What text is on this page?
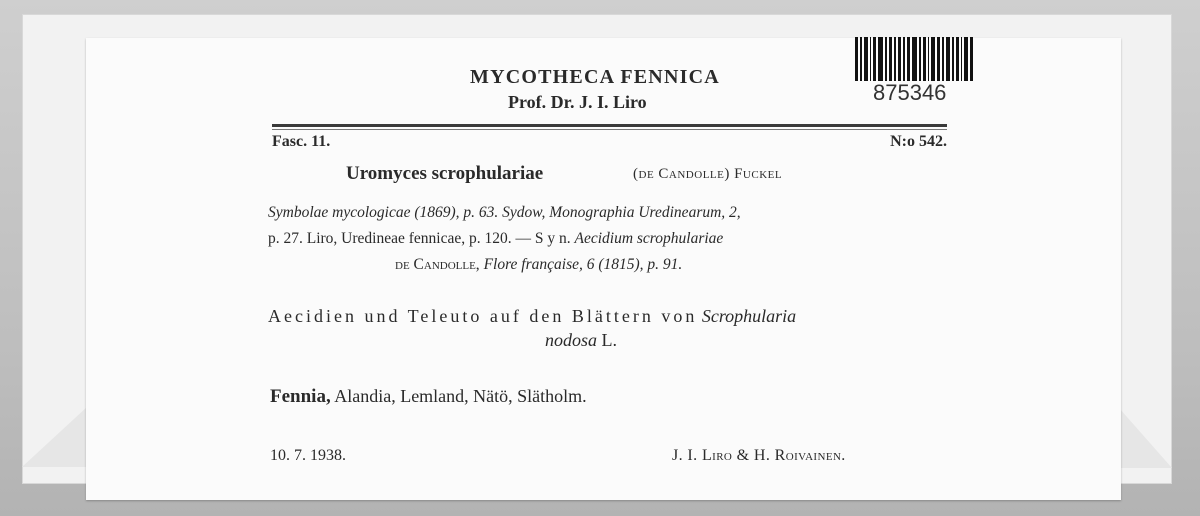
MYCOTHECA FENNICA
Prof. Dr. J. I. Liro	875346
Fasc. 11.	N:o 542.
Uromyces scrophulariae	(de Candolle) Fuckel
Symbolae mycologicae (1869), p. 63. Sydow, Monographia Uredinearum, 2,
p. 27. Liro, Uredineae fennicae, p. 120. — S y n. Aecidium scrophulariae
de Candolle, Flore française, 6 (1815), p. 91.
Aecidien und Teleuto auf den Blättern von Scrophularia
nodosa L.
Fennia, Alandia, Lemland, Nätö, Slätholm.
10. 7. 1938.	J. I. Liro & H. Roivainen.
